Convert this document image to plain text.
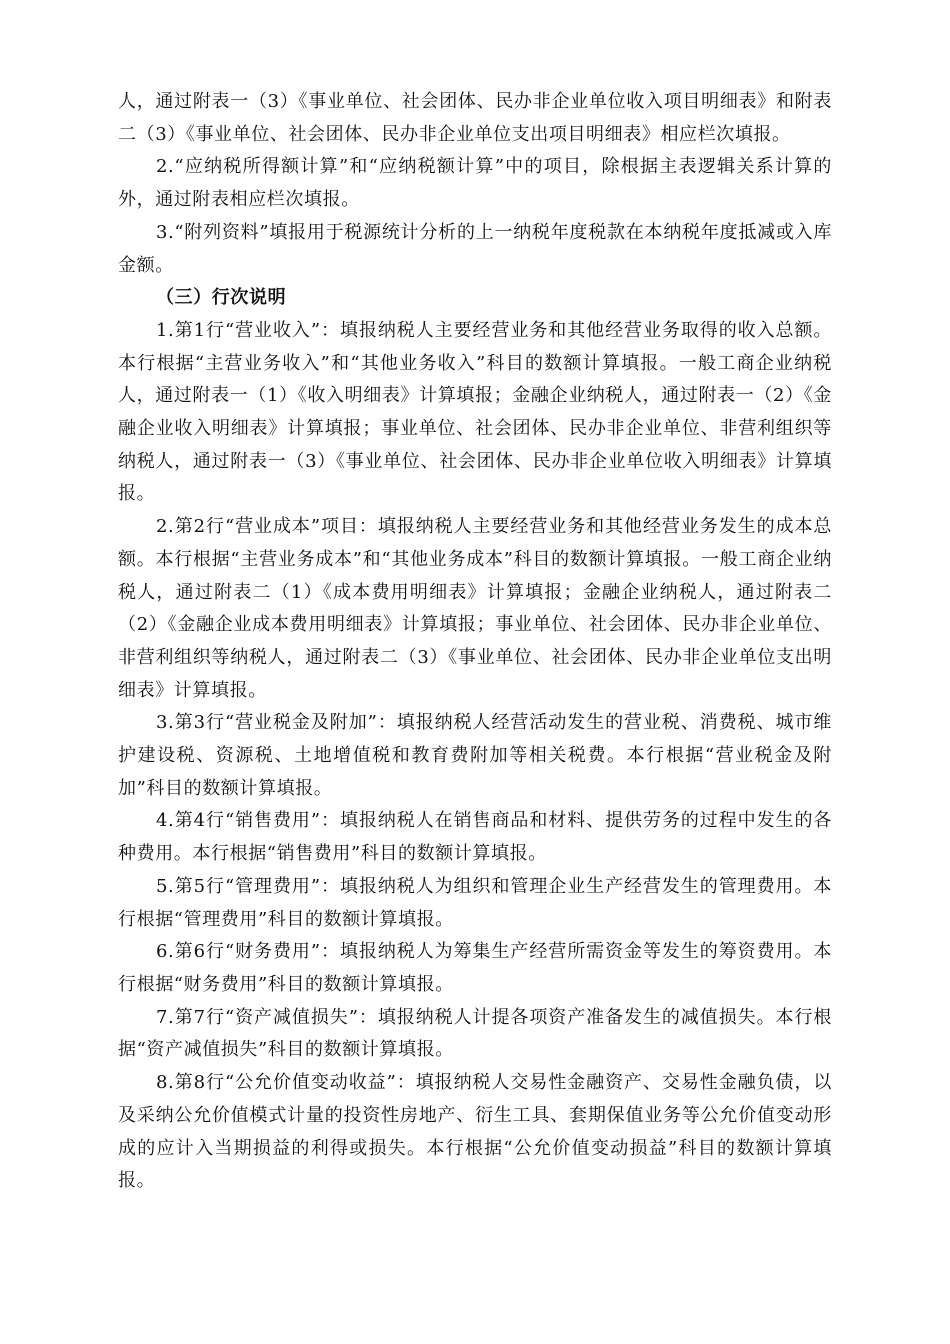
人，通过附表一（3）《事业单位、社会团体、民办非企业单位收入项目明细表》和附表二（3）《事业单位、社会团体、民办非企业单位支出项目明细表》相应栏次填报。

2.“应纳税所得额计算”和“应纳税额计算”中的项目，除根据主表逻辑关系计算的外，通过附表相应栏次填报。

3.“附列资料”填报用于税源统计分析的上一纳税年度税款在本纳税年度抵减或入库金额。

（三）行次说明

1.第1行“营业收入”：填报纳税人主要经营业务和其他经营业务取得的收入总额。本行根据“主营业务收入”和“其他业务收入”科目的数额计算填报。一般工商企业纳税人，通过附表一（1）《收入明细表》计算填报；金融企业纳税人，通过附表一（2）《金融企业收入明细表》计算填报；事业单位、社会团体、民办非企业单位、非营利组织等纳税人，通过附表一（3）《事业单位、社会团体、民办非企业单位收入明细表》计算填报。

2.第2行“营业成本”项目：填报纳税人主要经营业务和其他经营业务发生的成本总额。本行根据“主营业务成本”和“其他业务成本”科目的数额计算填报。一般工商企业纳税人，通过附表二（1）《成本费用明细表》计算填报；金融企业纳税人，通过附表二（2）《金融企业成本费用明细表》计算填报；事业单位、社会团体、民办非企业单位、非营利组织等纳税人，通过附表二（3）《事业单位、社会团体、民办非企业单位支出明细表》计算填报。

3.第3行“营业税金及附加”：填报纳税人经营活动发生的营业税、消费税、城市维护建设税、资源税、土地增值税和教育费附加等相关税费。本行根据“营业税金及附加”科目的数额计算填报。

4.第4行“销售费用”：填报纳税人在销售商品和材料、提供劳务的过程中发生的各种费用。本行根据“销售费用”科目的数额计算填报。

5.第5行“管理费用”：填报纳税人为组织和管理企业生产经营发生的管理费用。本行根据“管理费用”科目的数额计算填报。

6.第6行“财务费用”：填报纳税人为筹集生产经营所需资金等发生的筹资费用。本行根据“财务费用”科目的数额计算填报。

7.第7行“资产减值损失”：填报纳税人计提各项资产准备发生的减值损失。本行根据“资产减值损失”科目的数额计算填报。

8.第8行“公允价值变动收益”：填报纳税人交易性金融资产、交易性金融负债，以及采纳公允价值模式计量的投资性房地产、衍生工具、套期保值业务等公允价值变动形成的应计入当期损益的利得或损失。本行根据“公允价值变动损益”科目的数额计算填报。
